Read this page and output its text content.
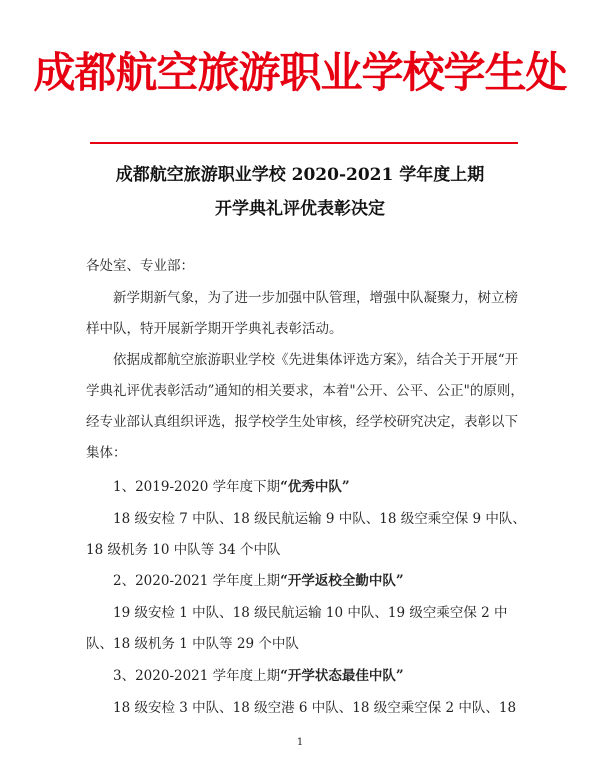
成都航空旅游职业学校学生处
成都航空旅游职业学校 2020-2021 学年度上期
开学典礼评优表彰决定
各处室、专业部：
新学期新气象，为了进一步加强中队管理，增强中队凝聚力，树立榜样中队，特开展新学期开学典礼表彰活动。
依据成都航空旅游职业学校《先进集体评选方案》，结合关于开展“开学典礼评优表彰活动”通知的相关要求，本着"公开、公平、公正"的原则，经专业部认真组织评选，报学校学生处审核，经学校研究决定，表彰以下集体：
1、2019-2020 学年度下期“优秀中队”
18 级安检 7 中队、18 级民航运输 9 中队、18 级空乘空保 9 中队、18 级机务 10 中队等 34 个中队
2、2020-2021 学年度上期“开学返校全勤中队”
19 级安检 1 中队、18 级民航运输 10 中队、19 级空乘空保 2 中队、18 级机务 1 中队等 29 个中队
3、2020-2021 学年度上期“开学状态最佳中队”
18 级安检 3 中队、18 级空港 6 中队、18 级空乘空保 2 中队、18
1
